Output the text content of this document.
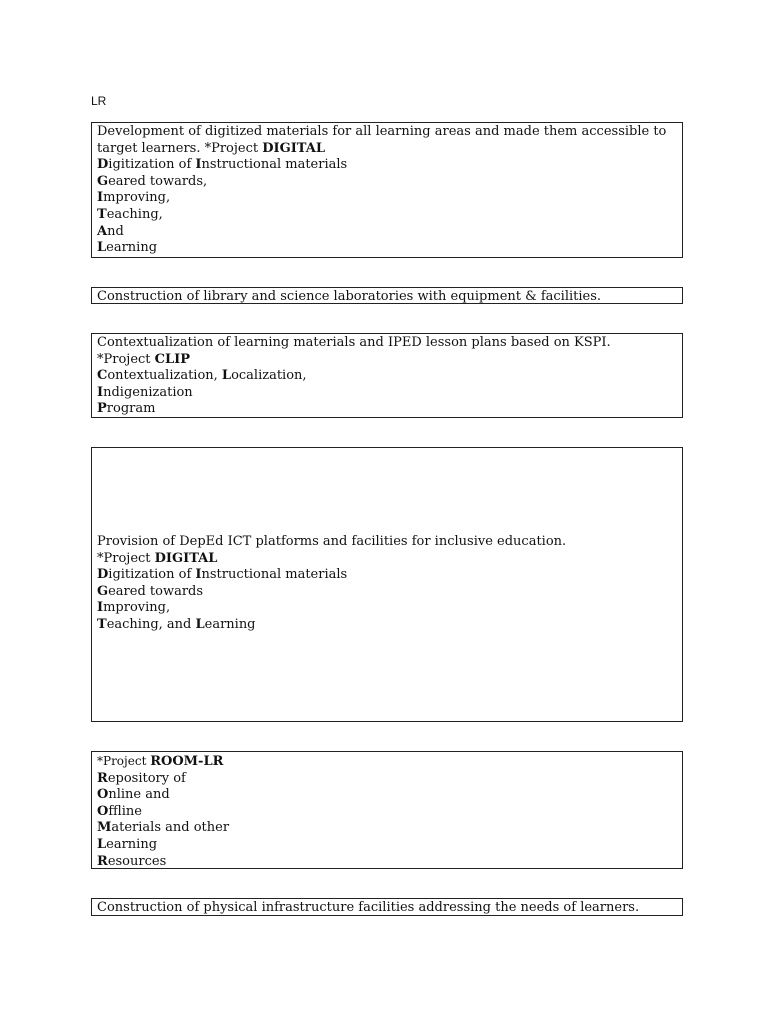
LR
Development of digitized materials for all learning areas and made them accessible to target learners. *Project DIGITAL
Digitization of Instructional materials
Geared towards,
Improving,
Teaching,
And
Learning
Construction of library and science laboratories with equipment & facilities.
Contextualization of learning materials and IPED lesson plans based on KSPI.
*Project CLIP
Contextualization, Localization,
Indigenization
Program
Provision of DepEd ICT platforms and facilities for inclusive education.
*Project DIGITAL
Digitization of Instructional materials
Geared towards
Improving,
Teaching, and Learning
*Project ROOM-LR
Repository of
Online and
Offline
Materials and other
Learning
Resources
Construction of physical infrastructure facilities addressing the needs of learners.
